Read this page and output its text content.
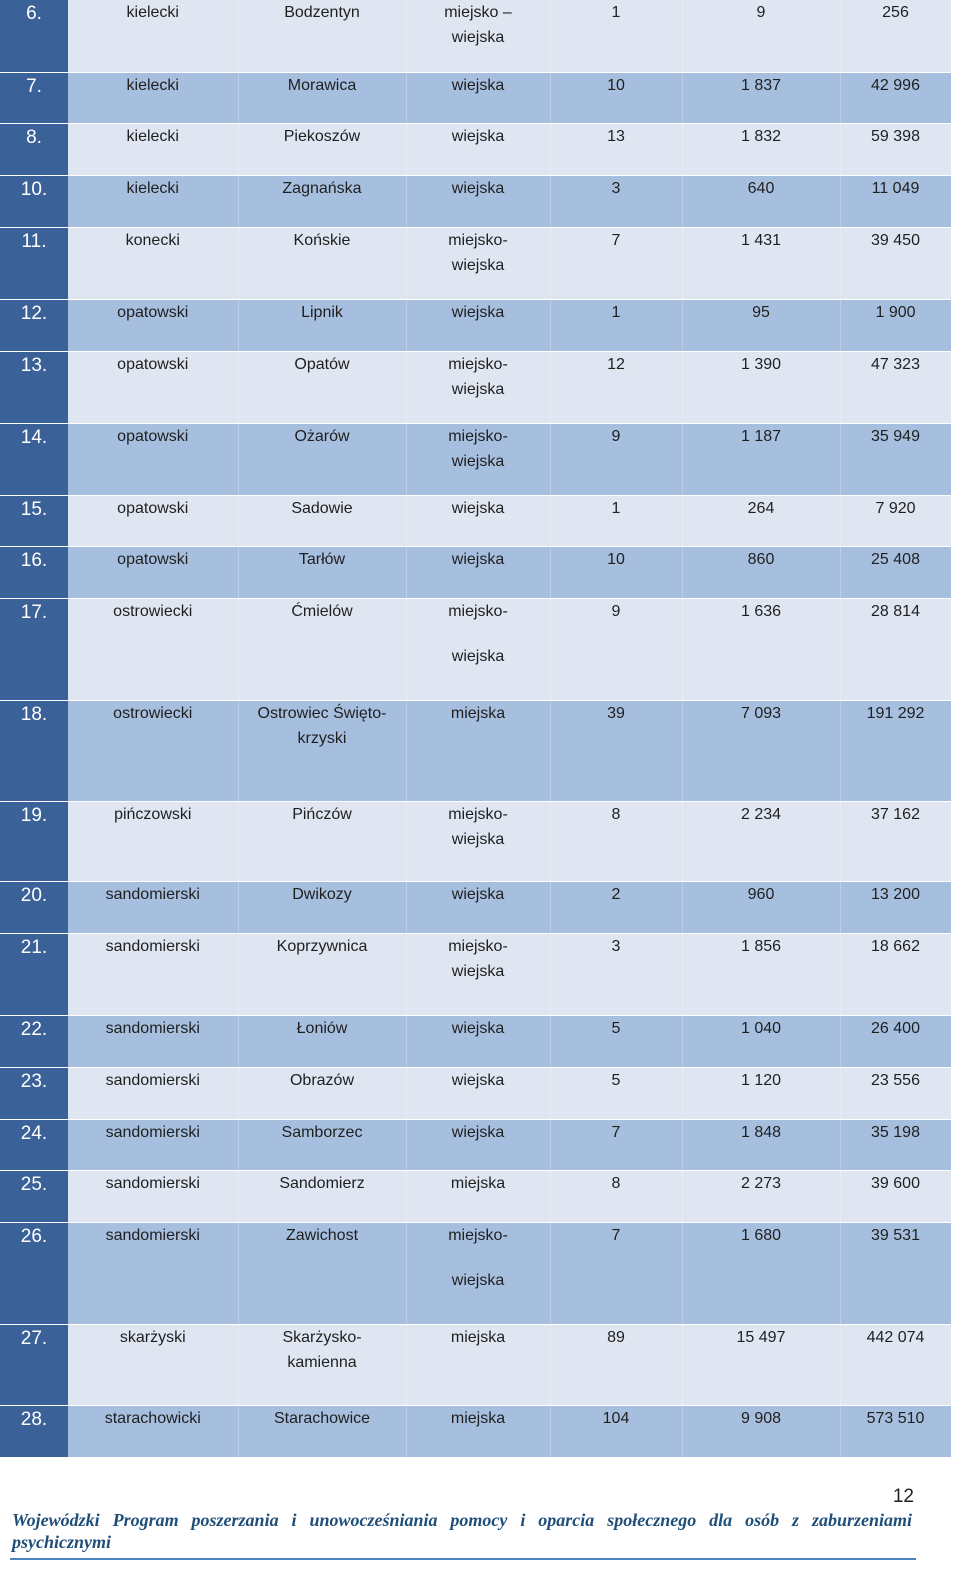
6.	kielecki	Bodzentyn	miejsko –
wiejska	1	9	256

7.	kielecki	Morawica	wiejska	10	1 837	42 996

8.	kielecki	Piekoszów	wiejska	13	1 832	59 398

10.	kielecki	Zagnańska	wiejska	3	640	11 049

11.	konecki	Końskie	miejsko-
wiejska	7	1 431	39 450

12.	opatowski	Lipnik	wiejska	1	95	1 900

13.	opatowski	Opatów	miejsko-
wiejska	12	1 390	47 323

14.	opatowski	Ożarów	miejsko-
wiejska	9	1 187	35 949

15.	opatowski	Sadowie	wiejska	1	264	7 920

16.	opatowski	Tarłów	wiejska	10	860	25 408

17.	ostrowiecki	Ćmielów	miejsko-

wiejska	9	1 636	28 814

18.	ostrowiecki	Ostrowiec Święto-
krzyski	miejska	39	7 093	191 292

19.	pińczowski	Pińczów	miejsko-
wiejska	8	2 234	37 162

20.	sandomierski	Dwikozy	wiejska	2	960	13 200

21.	sandomierski	Koprzywnica	miejsko-
wiejska	3	1 856	18 662

22.	sandomierski	Łoniów	wiejska	5	1 040	26 400

23.	sandomierski	Obrazów	wiejska	5	1 120	23 556

24.	sandomierski	Samborzec	wiejska	7	1 848	35 198

25.	sandomierski	Sandomierz	miejska	8	2 273	39 600

26.	sandomierski	Zawichost	miejsko-

wiejska	7	1 680	39 531

27.	skarżyski	Skarżysko-
kamienna	miejska	89	15 497	442 074

28.	starachowicki	Starachowice	miejska	104	9 908	573 510
12
Wojewódzki Program poszerzania i unowocześniania pomocy i oparcia społecznego dla osób z zaburzeniami psychicznymi
